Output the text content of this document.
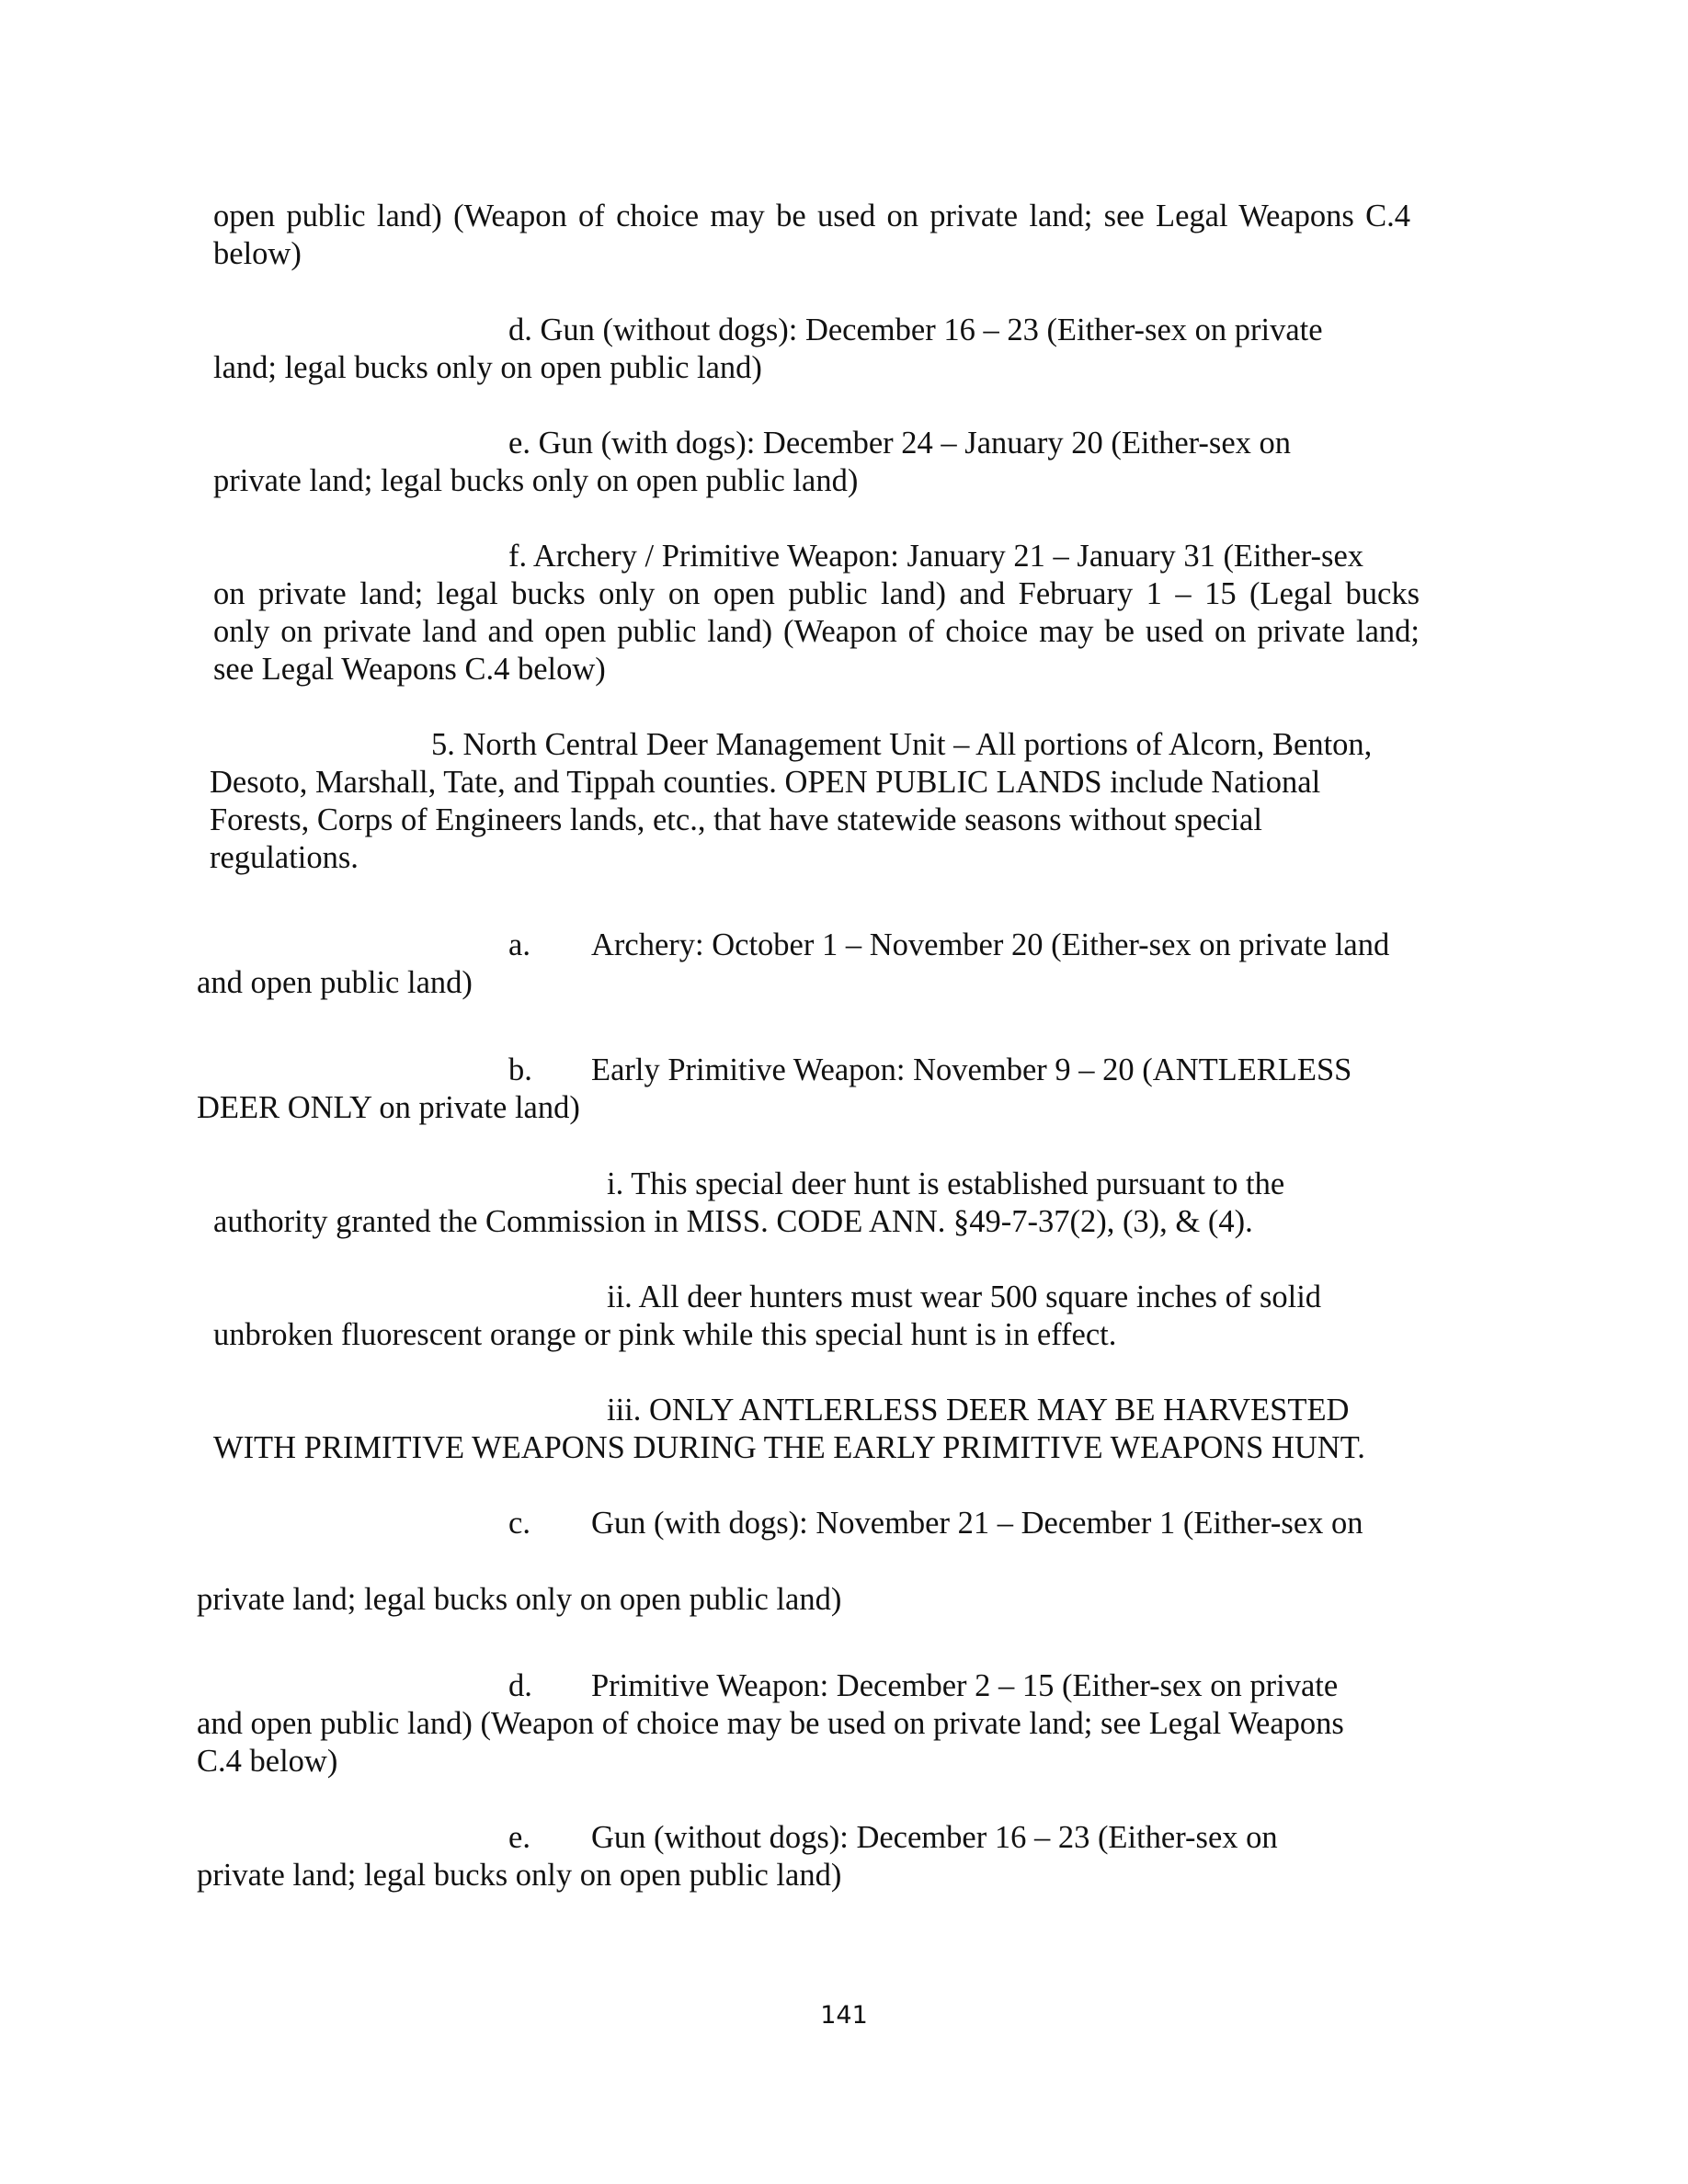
open public land) (Weapon of choice may be used on private land; see Legal Weapons C.4

below)

d. Gun (without dogs): December 16 – 23 (Either-sex on private

land; legal bucks only on open public land)

e. Gun (with dogs): December 24 – January 20 (Either-sex on

private land; legal bucks only on open public land)

f. Archery / Primitive Weapon: January 21 – January 31 (Either-sex

on private land; legal bucks only on open public land) and February 1 – 15 (Legal bucks

only on private land and open public land) (Weapon of choice may be used on private land;

see Legal Weapons C.4 below)

5. North Central Deer Management Unit – All portions of Alcorn, Benton,

Desoto, Marshall, Tate, and Tippah counties. OPEN PUBLIC LANDS include National

Forests, Corps of Engineers lands, etc., that have statewide seasons without special

regulations.

a. Archery: October 1 – November 20 (Either-sex on private land

and open public land)

b. Early Primitive Weapon: November 9 – 20 (ANTLERLESS

DEER ONLY on private land)

i. This special deer hunt is established pursuant to the

authority granted the Commission in MISS. CODE ANN. §49-7-37(2), (3), & (4).

ii. All deer hunters must wear 500 square inches of solid

unbroken fluorescent orange or pink while this special hunt is in effect.

iii. ONLY ANTLERLESS DEER MAY BE HARVESTED

WITH PRIMITIVE WEAPONS DURING THE EARLY PRIMITIVE WEAPONS HUNT.

c. Gun (with dogs): November 21 – December 1 (Either-sex on

private land; legal bucks only on open public land)

d. Primitive Weapon: December 2 – 15 (Either-sex on private

and open public land) (Weapon of choice may be used on private land; see Legal Weapons

C.4 below)

e. Gun (without dogs): December 16 – 23 (Either-sex on

private land; legal bucks only on open public land)

141
